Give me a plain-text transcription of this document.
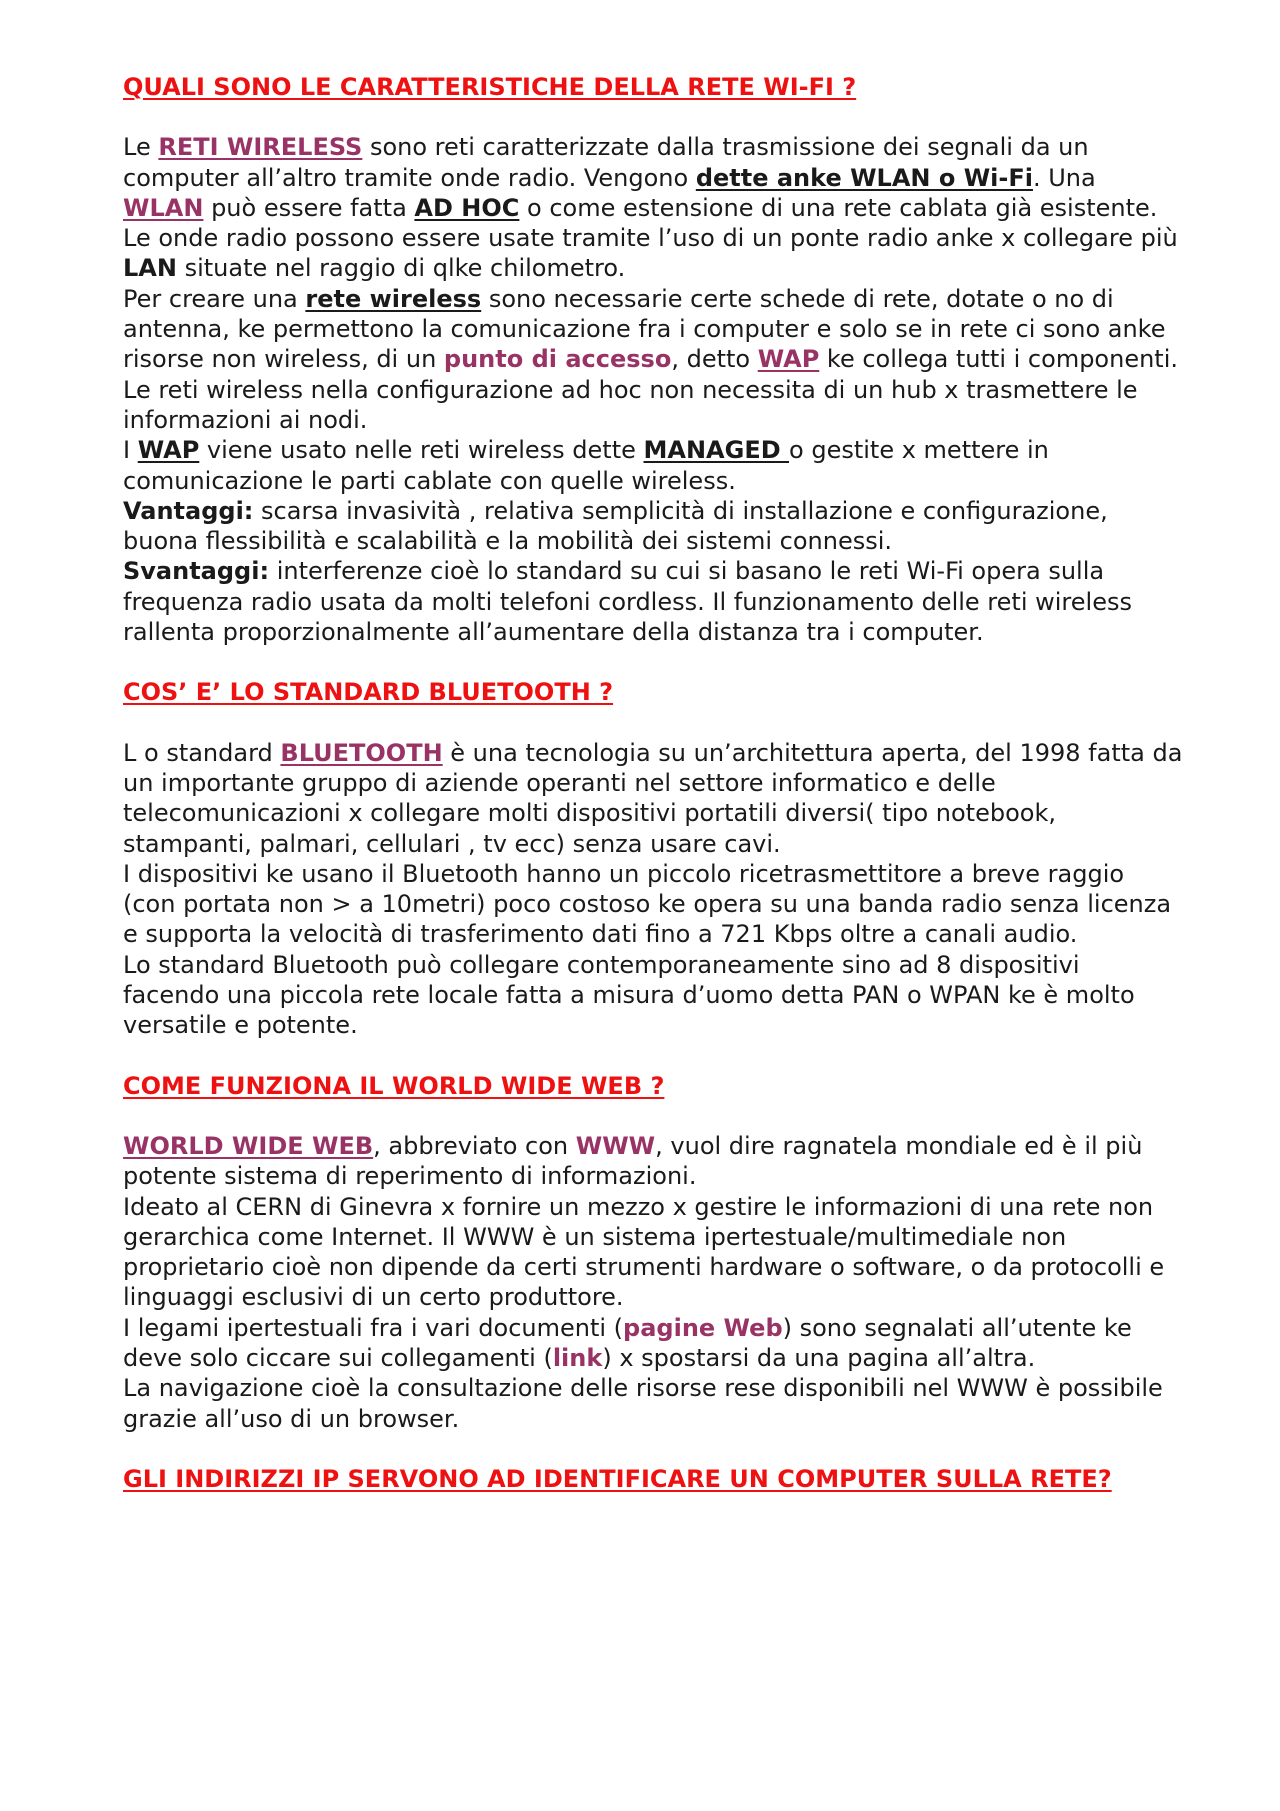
QUALI SONO LE CARATTERISTICHE DELLA RETE WI-FI ?

Le RETI WIRELESS sono reti caratterizzate dalla trasmissione dei segnali da un computer all’altro tramite onde radio. Vengono dette anke WLAN o Wi-Fi. Una WLAN può essere fatta AD HOC o come estensione di una rete cablata già esistente.

Le onde radio possono essere usate tramite l’uso di un ponte radio anke x collegare più LAN situate nel raggio di qlke chilometro.

Per creare una rete wireless sono necessarie certe schede di rete, dotate o no di antenna, ke permettono la comunicazione fra i computer e solo se in rete ci sono anke risorse non wireless, di un punto di accesso, detto WAP ke collega tutti i componenti.

Le reti wireless nella configurazione ad hoc non necessita di un hub x trasmettere le informazioni ai nodi.

I WAP viene usato nelle reti wireless dette MANAGED o gestite x mettere in comunicazione le parti cablate con quelle wireless.

Vantaggi: scarsa invasività , relativa semplicità di installazione e configurazione, buona flessibilità e scalabilità e la mobilità dei sistemi connessi.

Svantaggi: interferenze cioè lo standard su cui si basano le reti Wi-Fi opera sulla frequenza radio usata da molti telefoni cordless. Il funzionamento delle reti wireless rallenta proporzionalmente all’aumentare della distanza tra i computer.

COS’ E’ LO STANDARD BLUETOOTH ?

L o standard BLUETOOTH è una tecnologia su un’architettura aperta, del 1998 fatta da un importante gruppo di aziende operanti nel settore informatico e delle telecomunicazioni x collegare molti dispositivi portatili diversi( tipo notebook, stampanti, palmari, cellulari , tv ecc) senza usare cavi.

I dispositivi ke usano il Bluetooth hanno un piccolo ricetrasmettitore a breve raggio (con portata non > a 10metri) poco costoso ke opera su una banda radio senza licenza e supporta la velocità di trasferimento dati fino a 721 Kbps oltre a canali audio.

Lo standard Bluetooth può collegare contemporaneamente sino ad 8 dispositivi facendo una piccola rete locale fatta a misura d’uomo detta PAN o WPAN ke è molto versatile e potente.

COME FUNZIONA IL WORLD WIDE WEB ?

WORLD WIDE WEB, abbreviato con WWW, vuol dire ragnatela mondiale ed è il più potente sistema di reperimento di informazioni.

Ideato al CERN di Ginevra x fornire un mezzo x gestire le informazioni di una rete non gerarchica come Internet. Il WWW è un sistema ipertestuale/multimediale non proprietario cioè non dipende da certi strumenti hardware o software, o da protocolli e linguaggi esclusivi di un certo produttore.

I legami ipertestuali fra i vari documenti (pagine Web) sono segnalati all’utente ke deve solo ciccare sui collegamenti (link) x spostarsi da una pagina all’altra.

La navigazione cioè la consultazione delle risorse rese disponibili nel WWW è possibile grazie all’uso di un browser.

GLI INDIRIZZI IP SERVONO AD IDENTIFICARE UN COMPUTER SULLA RETE?
